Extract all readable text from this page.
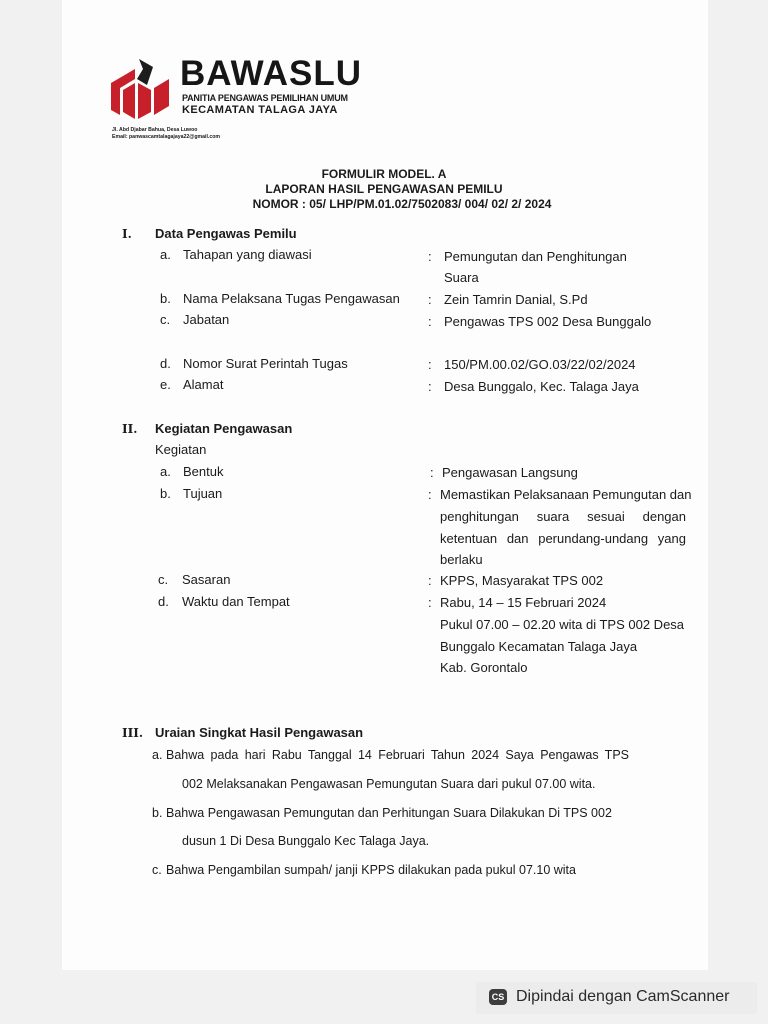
BAWASLU
PANITIA PENGAWAS PEMILIHAN UMUM
KECAMATAN TALAGA JAYA
Jl. Abd Djabar Bahua, Desa Luwoo
Email: panwascamtalagajaya22@gmail.com
FORMULIR MODEL. A
LAPORAN HASIL PENGAWASAN PEMILU
NOMOR : 05/ LHP/PM.01.02/7502083/ 004/ 02/ 2/ 2024
I. Data Pengawas Pemilu
a. Tahapan yang diawasi	: Pemungutan dan Penghitungan
Suara
b. Nama Pelaksana Tugas Pengawasan : Zein Tamrin Danial, S.Pd
c. Jabatan	: Pengawas TPS 002 Desa Bunggalo
d. Nomor Surat Perintah Tugas	: 150/PM.00.02/GO.03/22/02/2024
e. Alamat	: Desa Bunggalo, Kec. Talaga Jaya
II. Kegiatan Pengawasan
Kegiatan
a. Bentuk	: Pengawasan Langsung
b. Tujuan	: Memastikan Pelaksanaan Pemungutan dan
penghitungan suara sesuai dengan
ketentuan dan perundang-undang yang
berlaku
c. Sasaran	: KPPS, Masyarakat TPS 002
d. Waktu dan Tempat	: Rabu, 14 – 15 Februari 2024
Pukul 07.00 – 02.20 wita di TPS 002 Desa
Bunggalo Kecamatan Talaga Jaya
Kab. Gorontalo
III. Uraian Singkat Hasil Pengawasan
a. Bahwa pada hari Rabu Tanggal 14 Februari Tahun 2024 Saya Pengawas TPS
002 Melaksanakan Pengawasan Pemungutan Suara dari pukul 07.00 wita.
b. Bahwa Pengawasan Pemungutan dan Perhitungan Suara Dilakukan Di TPS 002
dusun 1 Di Desa Bunggalo Kec Talaga Jaya.
c. Bahwa Pengambilan sumpah/ janji KPPS dilakukan pada pukul 07.10 wita
CS Dipindai dengan CamScanner
